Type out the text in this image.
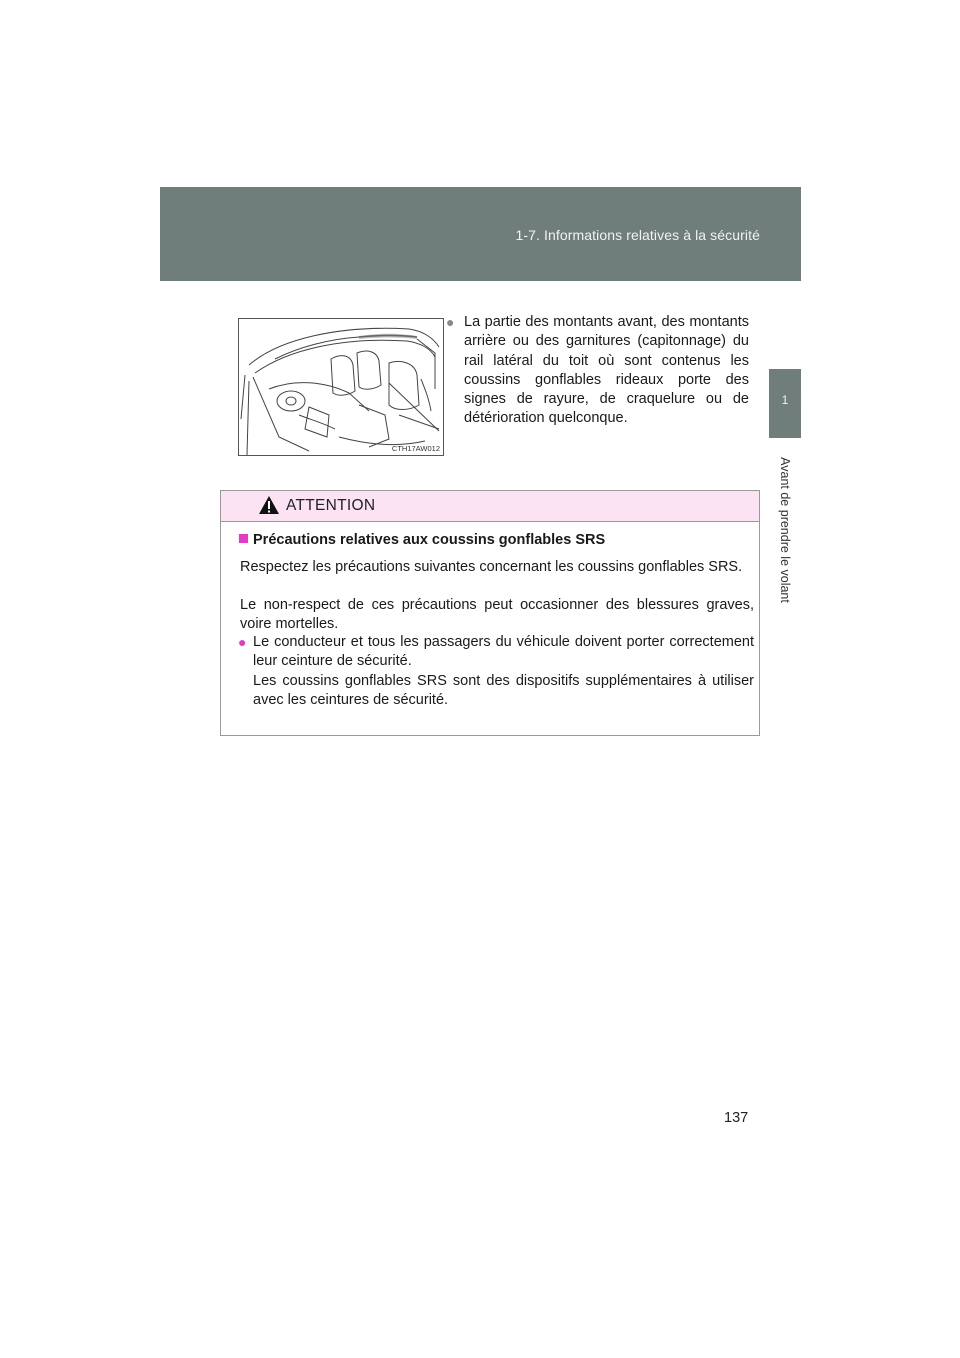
1-7. Informations relatives à la sécurité
1
Avant de prendre le volant
CTH17AW012
● La partie des montants avant, des montants arrière ou des garnitures (capitonnage) du rail latéral du toit où sont contenus les coussins gonflables rideaux porte des signes de rayure, de craquelure ou de détérioration quelconque.
ATTENTION
Précautions relatives aux coussins gonflables SRS

Respectez les précautions suivantes concernant les coussins gonflables SRS.

Le non-respect de ces précautions peut occasionner des blessures graves, voire mortelles.

● Le conducteur et tous les passagers du véhicule doivent porter correctement leur ceinture de sécurité.
Les coussins gonflables SRS sont des dispositifs supplémentaires à utiliser avec les ceintures de sécurité.
137
